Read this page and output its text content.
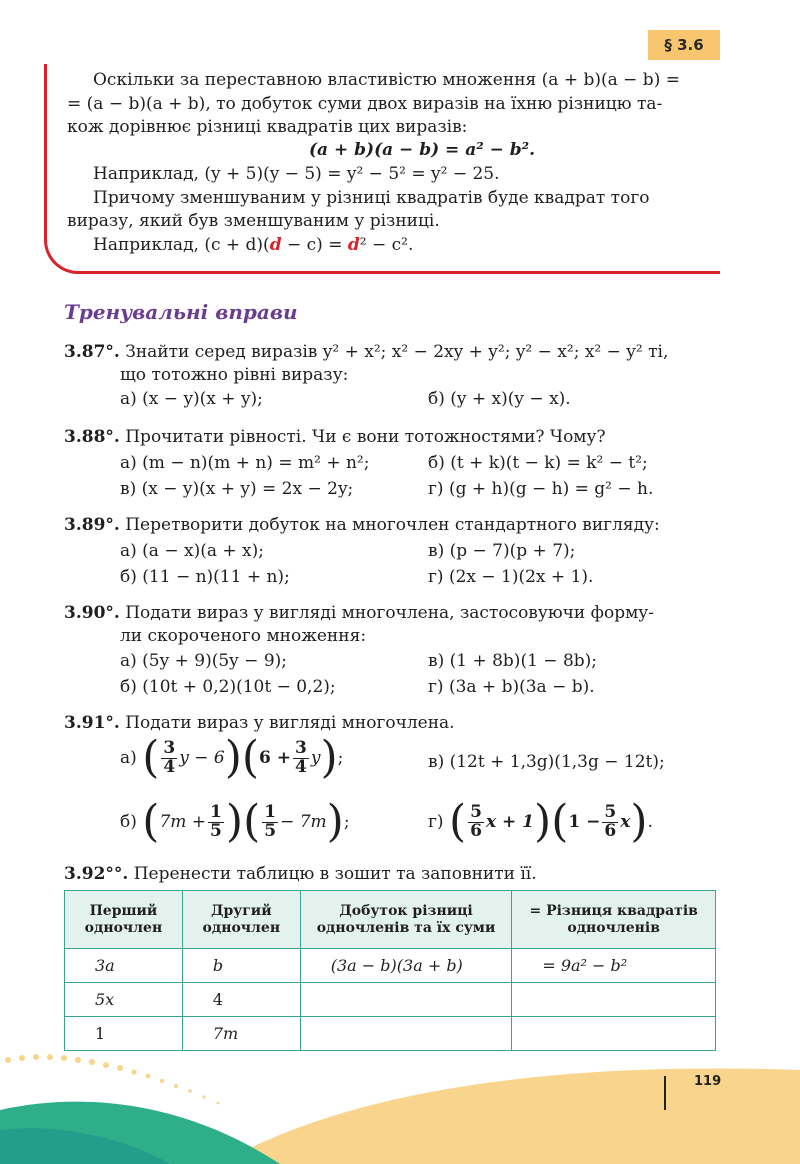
§ 3.6
Оскільки за переставною властивістю множення (a + b)(a − b) =
= (a − b)(a + b), то добуток суми двох виразів на їхню різницю та-
кож дорівнює різниці квадратів цих виразів:
(a + b)(a − b) = a² − b².
Наприклад, (y + 5)(y − 5) = y² − 5² = y² − 25.
Причому зменшуваним у різниці квадратів буде квадрат того
виразу, який був зменшуваним у різниці.
Наприклад, (c + d)(d − c) = d² − c².
Тренувальні вправи
3.87°. Знайти серед виразів y² + x²; x² − 2xy + y²; y² − x²; x² − y² ті,
що тотожно рівні виразу:
а) (x − y)(x + y);	б) (y + x)(y − x).
3.88°. Прочитати рівності. Чи є вони тотожностями? Чому?
а) (m − n)(m + n) = m² + n²;	б) (t + k)(t − k) = k² − t²;
в) (x − y)(x + y) = 2x − 2y;	г) (g + h)(g − h) = g² − h.
3.89°. Перетворити добуток на многочлен стандартного вигляду:
а) (a − x)(a + x);	в) (p − 7)(p + 7);
б) (11 − n)(11 + n);	г) (2x − 1)(2x + 1).
3.90°. Подати вираз у вигляді многочлена, застосовуючи форму-
ли скороченого множення:
а) (5y + 9)(5y − 9);	в) (1 + 8b)(1 − 8b);
б) (10t + 0,2)(10t − 0,2);	г) (3a + b)(3a − b).
3.91°. Подати вираз у вигляді многочлена.
а)
( $\frac{3}{4}$ y − 6 ) ( $6 + \frac{3}{4}$ y ) ;	в) (12t + 1,3g)(1,3g − 12t);
б)
( $7m + \frac{1}{5}$ ) ( $\frac{1}{5} - 7m$ ) ;	г)
( $\frac{5}{6}$ x + 1 ) ( $1 - \frac{5}{6}$ x ) .
3.92°°. Перенести таблицю в зошит та заповнити її.
Перший одночлен	Другий одночлен	Добуток різниці одночленів та їх суми	= Різниця квадратів одночленів
3a	b	(3a − b)(3a + b)	= 9a² − b²
5x	4		
1	7m		
119
